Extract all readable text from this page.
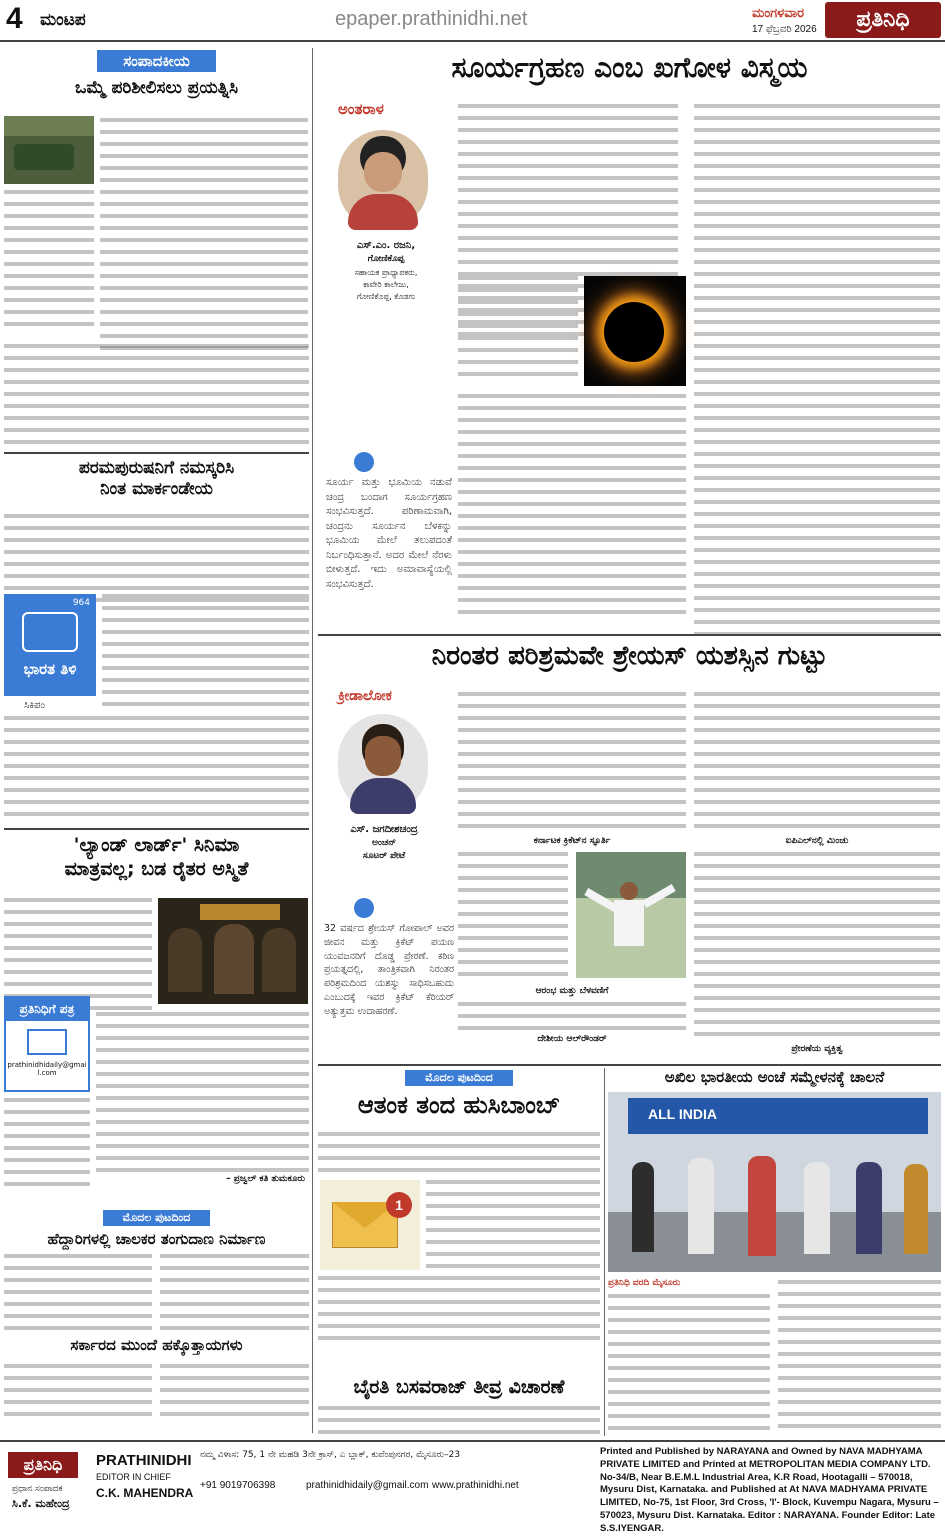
4 ಮಂಟಪ	epaper.prathinidhi.net	ಮಂಗಳವಾರ
17 ಫೆಬ್ರವರಿ 2026	ಪ್ರತಿನಿಧಿ
ಸಂಪಾದಕೀಯ
ಒಮ್ಮೆ ಪರಿಶೀಲಿಸಲು ಪ್ರಯತ್ನಿಸಿ
ಪರಮಪುರುಷನಿಗೆ ನಮಸ್ಕರಿಸಿ
ನಿಂತ ಮಾರ್ಕಂಡೇಯ
964
ಭಾರತ ತಿಳಿ
ಸಿಕಿಪಂ
'ಲ್ಯಾಂಡ್ ಲಾರ್ಡ್' ಸಿನಿಮಾ
ಮಾತ್ರವಲ್ಲ; ಬಡ ರೈತರ ಅಸ್ಮಿತೆ
ಪ್ರತಿನಿಧಿಗೆ ಪತ್ರ
prathinidhidaily@gmail.com
– ಪ್ರಜ್ವಲ್ ಕತಿ ತುಮಕೂರು
ಮೊದಲ ಪುಟದಿಂದ
ಹೆದ್ದಾರಿಗಳಲ್ಲಿ ಚಾಲಕರ ತಂಗುದಾಣ ನಿರ್ಮಾಣ
ಸರ್ಕಾರದ ಮುಂದೆ ಹಕ್ಕೊತ್ತಾಯಗಳು
ಸೂರ್ಯಗ್ರಹಣ ಎಂಬ ಖಗೋಳ ವಿಸ್ಮಯ
ಅಂತರಾಳ
ಎಸ್.ಎಂ. ರಜನಿ,
ಗೋಣಿಕೊಪ್ಪ
ಸಹಾಯಕ ಪ್ರಾಧ್ಯಾಪಕರು,
ಕಾವೇರಿ ಕಾಲೇಜು,
ಗೋಣಿಕೊಪ್ಪ, ಕೊಡಗು
ಸೂರ್ಯ ಮತ್ತು ಭೂಮಿಯ ನಡುವೆ ಚಂದ್ರ ಬಂದಾಗ ಸೂರ್ಯಗ್ರಹಣ ಸಂಭವಿಸುತ್ತದೆ. ಪರಿಣಾಮವಾಗಿ, ಚಂದ್ರನು ಸೂರ್ಯನ ಬೆಳಕನ್ನು ಭೂಮಿಯ ಮೇಲೆ ತಲುಪದಂತೆ ನಿರ್ಬಂಧಿಸುತ್ತಾನೆ. ಅದರ ಮೇಲೆ ನೆರಳು ಬೀಳುತ್ತದೆ. ಇದು ಅಮಾವಾಸ್ಯೆಯಲ್ಲಿ ಸಂಭವಿಸುತ್ತದೆ.
ನಿರಂತರ ಪರಿಶ್ರಮವೇ ಶ್ರೇಯಸ್ ಯಶಸ್ಸಿನ ಗುಟ್ಟು
ಕ್ರೀಡಾಲೋಕ
ಎಸ್. ಜಗದೀಶಚಂದ್ರ
ಅಂಚನ್
ಸೂಟರ್ ಪೇಟೆ
32 ವರ್ಷದ ಶ್ರೇಯಸ್ ಗೋಪಾಲ್ ಅವರ ಜೀವನ ಮತ್ತು ಕ್ರಿಕೆಟ್ ಪಯಣ ಯುವಜನರಿಗೆ ದೊಡ್ಡ ಪ್ರೇರಣೆ. ಕಠಿಣ ಪ್ರಯತ್ನದಲ್ಲಿ, ತಾಂತ್ರಿಕವಾಗಿ ನಿರಂತರ ಪರಿಶ್ರಮದಿಂದ ಯಶಸ್ವು ಸಾಧಿಸಬಹುದು ಎಂಬುದಕ್ಕೆ ಇವರ ಕ್ರಿಕೆಟ್ ಕೆರಿಯರ್ ಅತ್ಯುತ್ತಮ ಉದಾಹರಣೆ.
ಕರ್ನಾಟಕ ಕ್ರಿಕೆಟ್‌ನ ಸ್ಫೂರ್ತಿ
ಆರಂಭ ಮತ್ತು ಬೆಳವಣಿಗೆ
ದೇಶೀಯ ಆಲ್‌ರೌಂಡರ್
ಐಪಿಎಲ್‌ನಲ್ಲಿ ಮಿಂಚು
ಪ್ರೇರಣೆಯ ವ್ಯಕ್ತಿತ್ವ
ಮೊದಲ ಪುಟದಿಂದ
ಆತಂಕ ತಂದ ಹುಸಿಬಾಂಬ್
1
ಬೈರತಿ ಬಸವರಾಜ್ ತೀವ್ರ ವಿಚಾರಣೆ
ಅಖಿಲ ಭಾರತೀಯ ಅಂಚೆ ಸಮ್ಮೇಳನಕ್ಕೆ ಚಾಲನೆ
ALL INDIA
ಪ್ರತಿನಿಧಿ ವರದಿ ಮೈಸೂರು
ಪ್ರತಿನಿಧಿ
ಪ್ರಧಾನ ಸಂಪಾದಕ
ಸಿ.ಕೆ. ಮಹೇಂದ್ರ
PRATHINIDHI
EDITOR IN CHIEF
C.K. MAHENDRA
ನಮ್ಮ ವಿಳಾಸ: 75, 1 ನೇ ಮಹಡಿ 3ನೇ ಕ್ರಾಸ್, ಎ ಬ್ಲಾಕ್, ಕುವೆಂಪುನಗರ, ಮೈಸೂರು–23
+91 9019706398	prathinidhidaily@gmail.com www.prathinidhi.net
Printed and Published by NARAYANA and Owned by NAVA MADHYAMA PRIVATE LIMITED and Printed at METROPOLITAN MEDIA COMPANY LTD. No-34/B, Near B.E.M.L Industrial Area, K.R Road, Hootagalli – 570018, Mysuru Dist, Karnataka. and Published at At NAVA MADHYAMA PRIVATE LIMITED, No-75, 1st Floor, 3rd Cross, 'I'- Block, Kuvempu Nagara, Mysuru – 570023, Mysuru Dist. Karnataka. Editor : NARAYANA. Founder Editor: Late S.S.IYENGAR.
